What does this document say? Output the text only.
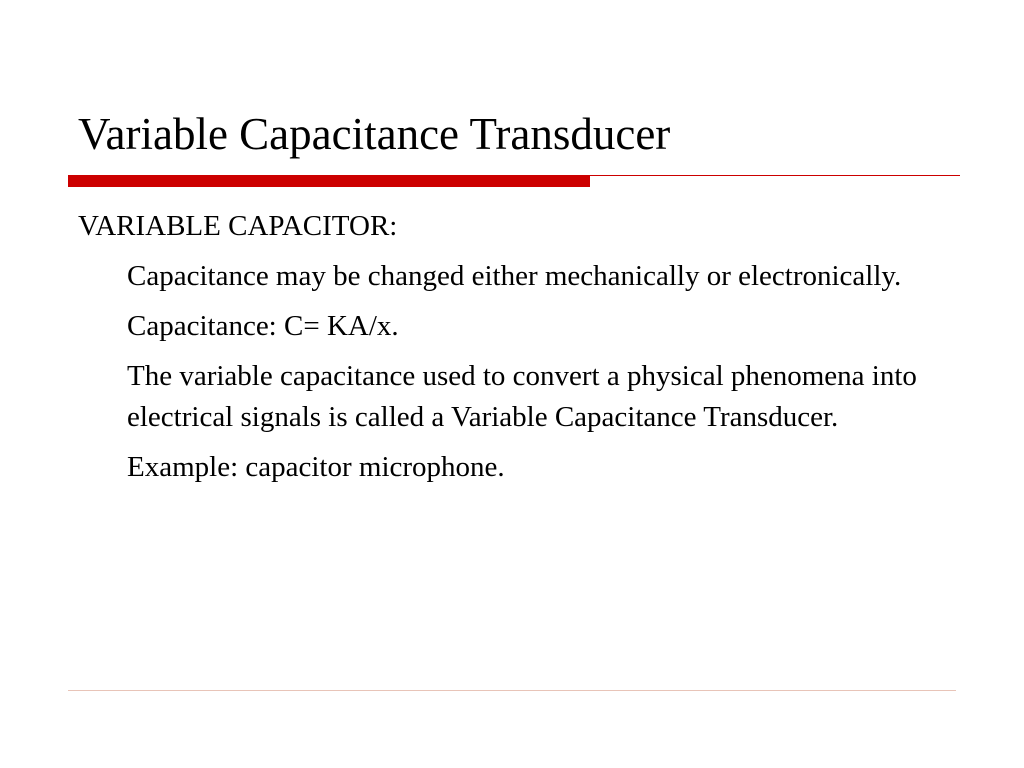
Variable Capacitance Transducer

VARIABLE CAPACITOR:

Capacitance may be changed either mechanically or electronically.

Capacitance: C= KA/x.

The variable capacitance used to convert a physical phenomena into electrical signals is called a Variable Capacitance Transducer.

Example: capacitor microphone.
